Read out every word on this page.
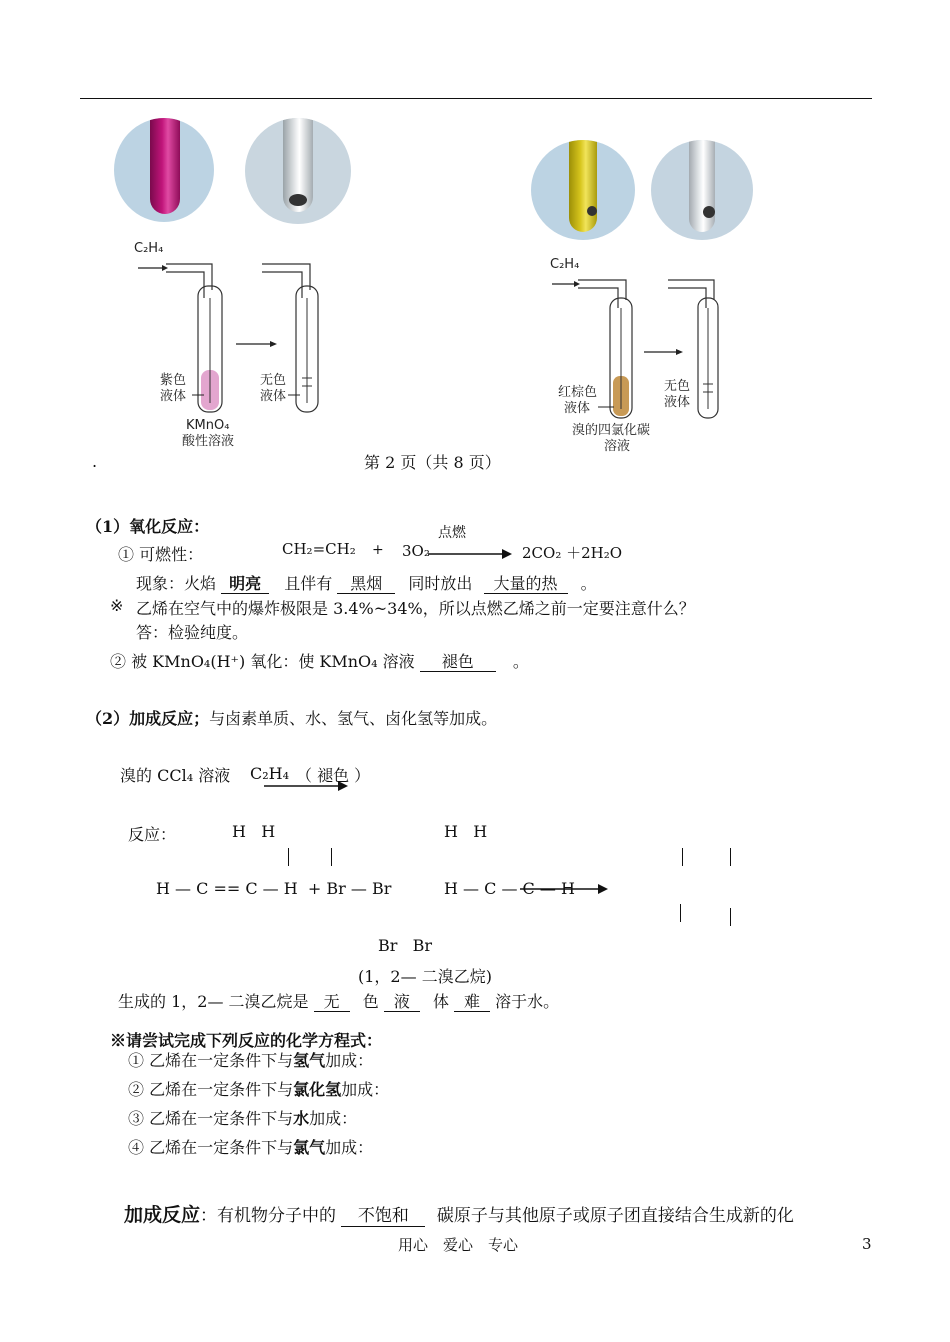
C₂H₄
紫色
液体
KMnO₄
酸性溶液
无色
液体
C₂H₄
红棕色
液体
溴的四氯化碳
溶液
无色
液体
.	第 2 页（共 8 页）
（1）氧化反应：
① 可燃性：	CH₂=CH₂ + 3O₂
点燃
2CO₂ ＋2H₂O
现象：火焰 明亮 且伴有 黑烟 同时放出 大量的热 。
※ 乙烯在空气中的爆炸极限是 3.4%~34%，所以点燃乙烯之前一定要注意什么？
答：检验纯度。
② 被 KMnO₄(H⁺) 氧化：使 KMnO₄ 溶液 褪色 。
（2）加成反应；与卤素单质、水、氢气、卤化氢等加成。
溴的 CCl₄ 溶液 C₂H₄ （ 褪色 ）
反应：	H   H	H   H
H — C == C — H  + Br — Br	H — C — C — H
Br   Br
(1，2— 二溴乙烷)
生成的 1，2— 二溴乙烷是 无 色 液 体 难 溶于水。
※请尝试完成下列反应的化学方程式：
① 乙烯在一定条件下与氢气加成：
② 乙烯在一定条件下与氯化氢加成：
③ 乙烯在一定条件下与水加成：
④ 乙烯在一定条件下与氯气加成：
加成反应：有机物分子中的 不饱和 碳原子与其他原子或原子团直接结合生成新的化
用心　爱心　专心	3
